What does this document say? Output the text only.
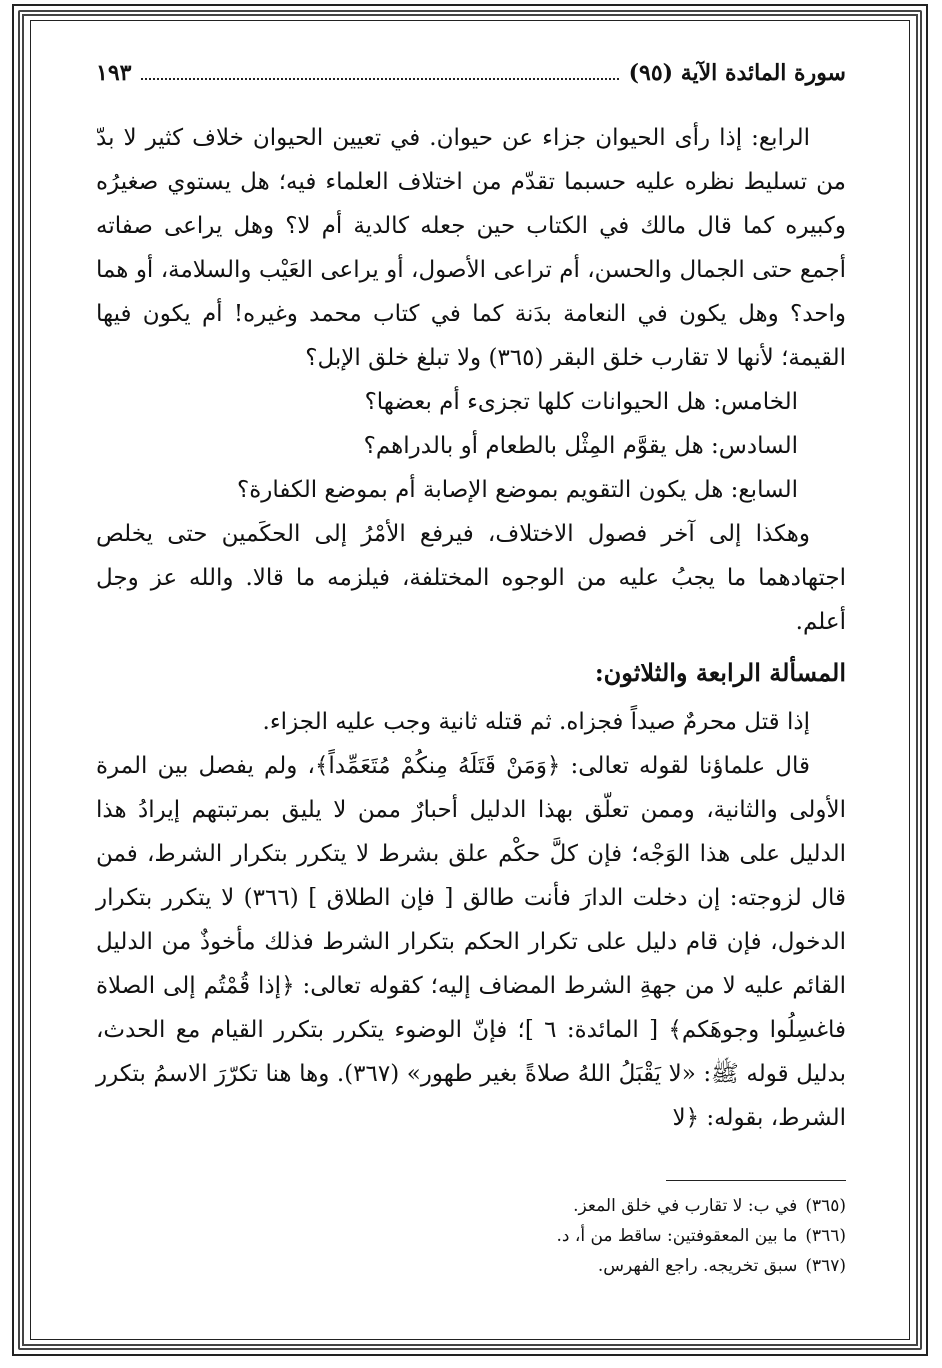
سورة المائدة الآية (٩٥)
١٩٣

الرابع: إذا رأى الحيوان جزاء عن حيوان. في تعيين الحيوان خلاف كثير لا بدّ من تسليط نظره عليه حسبما تقدّم من اختلاف العلماء فيه؛ هل يستوي صغيرُه وكبيره كما قال مالك في الكتاب حين جعله كالدية أم لا؟ وهل يراعى صفاته أجمع حتى الجمال والحسن، أم تراعى الأصول، أو يراعى العَيْب والسلامة، أو هما واحد؟ وهل يكون في النعامة بدَنة كما في كتاب محمد وغيره! أم يكون فيها القيمة؛ لأنها لا تقارب خلق البقر (٣٦٥) ولا تبلغ خلق الإبل؟

الخامس: هل الحيوانات كلها تجزىء أم بعضها؟

السادس: هل يقوَّم المِثْل بالطعام أو بالدراهم؟

السابع: هل يكون التقويم بموضع الإصابة أم بموضع الكفارة؟

وهكذا إلى آخر فصول الاختلاف، فيرفع الأمْرُ إلى الحكَمين حتى يخلص اجتهادهما ما يجبُ عليه من الوجوه المختلفة، فيلزمه ما قالا. والله عز وجل أعلم.

المسألة الرابعة والثلاثون:

إذا قتل محرمٌ صيداً فجزاه. ثم قتله ثانية وجب عليه الجزاء.

قال علماؤنا لقوله تعالى: ﴿وَمَنْ قَتَلَهُ مِنكُمْ مُتَعَمِّداً﴾، ولم يفصل بين المرة الأولى والثانية، وممن تعلّق بهذا الدليل أحبارٌ ممن لا يليق بمرتبتهم إيرادُ هذا الدليل على هذا الوَجْه؛ فإن كلَّ حكْم علق بشرط لا يتكرر بتكرار الشرط، فمن قال لزوجته: إن دخلت الدارَ فأنت طالق [ فإن الطلاق ] (٣٦٦) لا يتكرر بتكرار الدخول، فإن قام دليل على تكرار الحكم بتكرار الشرط فذلك مأخوذٌ من الدليل القائم عليه لا من جهةِ الشرط المضاف إليه؛ كقوله تعالى: ﴿إذا قُمْتُم إلى الصلاة فاغسِلُوا وجوهَكم﴾ [ المائدة: ٦ ]؛ فإنّ الوضوء يتكرر بتكرر القيام مع الحدث، بدليل قوله ﷺ: «لا يَقْبَلُ اللهُ صلاةً بغير طهور» (٣٦٧). وها هنا تكرّرَ الاسمُ بتكرر الشرط، بقوله: ﴿لا

(٣٦٥)في ب: لا تقارب في خلق المعز.

(٣٦٦)ما بين المعقوفتين: ساقط من أ، د.

(٣٦٧)سبق تخريجه. راجع الفهرس.
